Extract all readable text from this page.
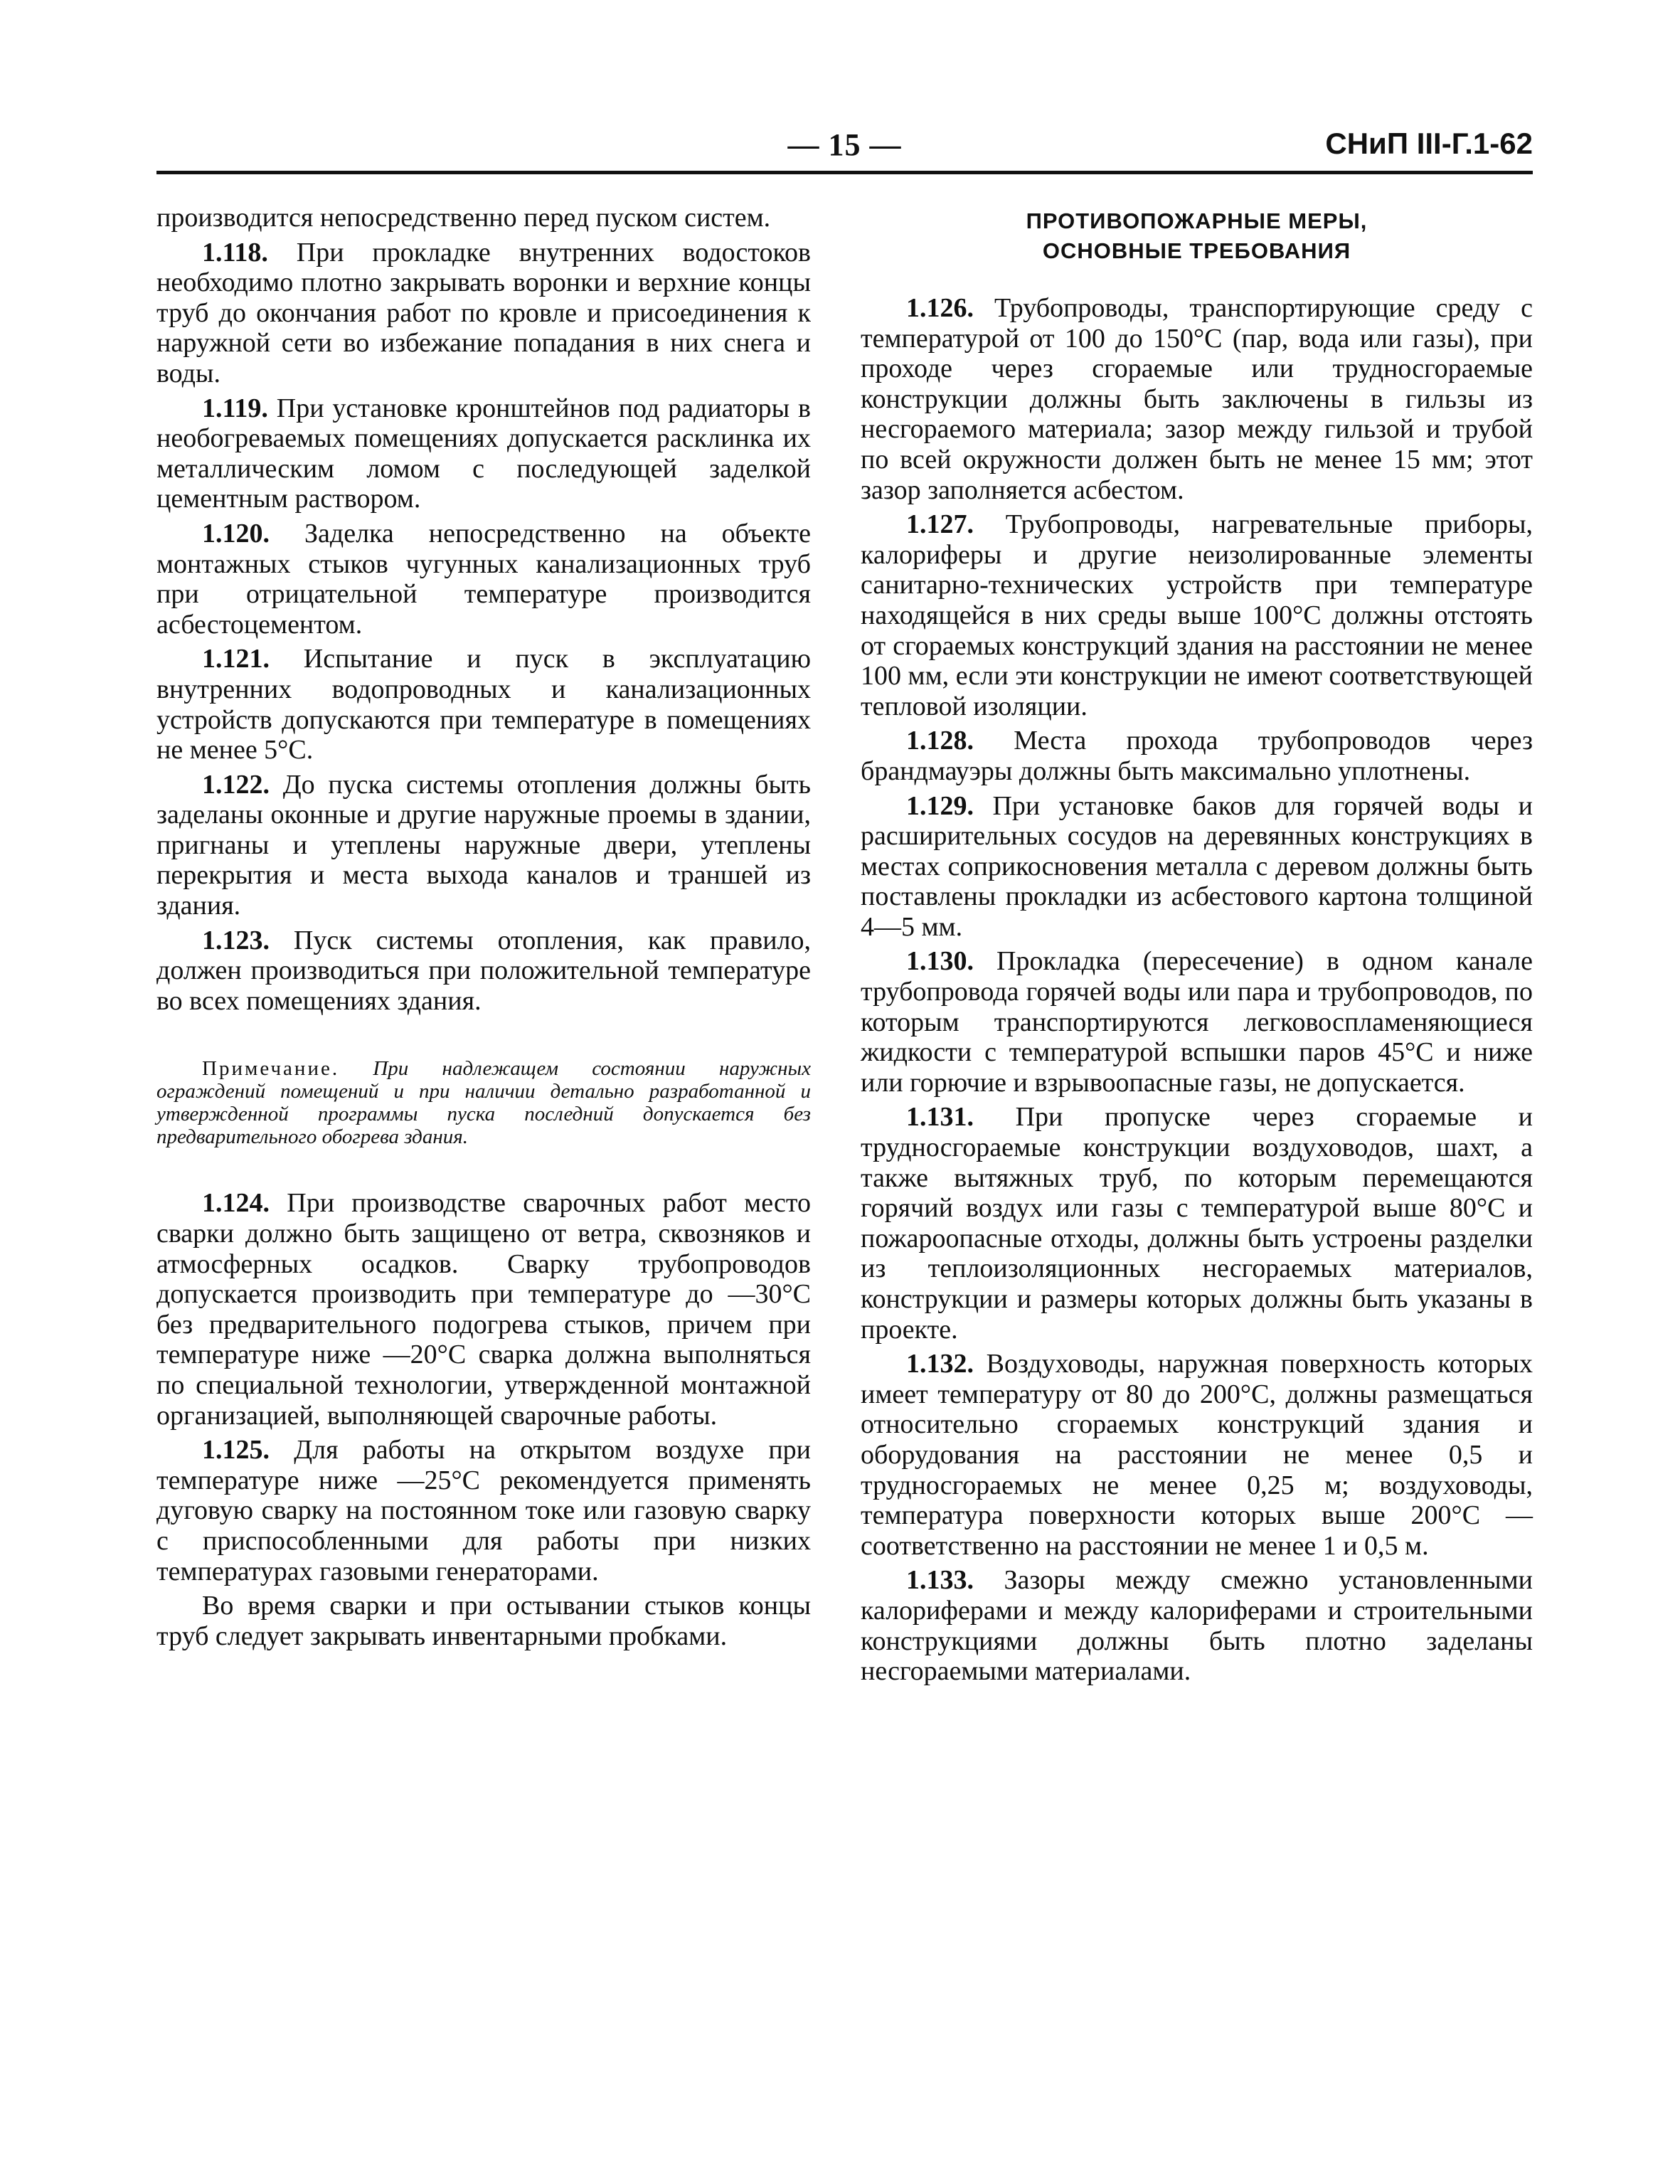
— 15 —	СНиП III-Г.1-62

производится непосредственно перед пуском систем.

1.118. При прокладке внутренних водостоков необходимо плотно закрывать воронки и верхние концы труб до окончания работ по кровле и присоединения к наружной сети во избежание попадания в них снега и воды.

1.119. При установке кронштейнов под радиаторы в необогреваемых помещениях допускается расклинка их металлическим ломом с последующей заделкой цементным раствором.

1.120. Заделка непосредственно на объекте монтажных стыков чугунных канализационных труб при отрицательной температуре производится асбестоцементом.

1.121. Испытание и пуск в эксплуатацию внутренних водопроводных и канализационных устройств допускаются при температуре в помещениях не менее 5°С.

1.122. До пуска системы отопления должны быть заделаны оконные и другие наружные проемы в здании, пригнаны и утеплены наружные двери, утеплены перекрытия и места выхода каналов и траншей из здания.

1.123. Пуск системы отопления, как правило, должен производиться при положительной температуре во всех помещениях здания.

Примечание. При надлежащем состоянии наружных ограждений помещений и при наличии детально разработанной и утвержденной программы пуска последний допускается без предварительного обогрева здания.

1.124. При производстве сварочных работ место сварки должно быть защищено от ветра, сквозняков и атмосферных осадков. Сварку трубопроводов допускается производить при температуре до —30°С без предварительного подогрева стыков, причем при температуре ниже —20°С сварка должна выполняться по специальной технологии, утвержденной монтажной организацией, выполняющей сварочные работы.

1.125. Для работы на открытом воздухе при температуре ниже —25°С рекомендуется применять дуговую сварку на постоянном токе или газовую сварку с приспособленными для работы при низких температурах газовыми генераторами.

Во время сварки и при остывании стыков концы труб следует закрывать инвентарными пробками.

ПРОТИВОПОЖАРНЫЕ МЕРЫ,
ОСНОВНЫЕ ТРЕБОВАНИЯ

1.126. Трубопроводы, транспортирующие среду с температурой от 100 до 150°С (пар, вода или газы), при проходе через сгораемые или трудносгораемые конструкции должны быть заключены в гильзы из несгораемого материала; зазор между гильзой и трубой по всей окружности должен быть не менее 15 мм; этот зазор заполняется асбестом.

1.127. Трубопроводы, нагревательные приборы, калориферы и другие неизолированные элементы санитарно-технических устройств при температуре находящейся в них среды выше 100°С должны отстоять от сгораемых конструкций здания на расстоянии не менее 100 мм, если эти конструкции не имеют соответствующей тепловой изоляции.

1.128. Места прохода трубопроводов через брандмауэры должны быть максимально уплотнены.

1.129. При установке баков для горячей воды и расширительных сосудов на деревянных конструкциях в местах соприкосновения металла с деревом должны быть поставлены прокладки из асбестового картона толщиной 4—5 мм.

1.130. Прокладка (пересечение) в одном канале трубопровода горячей воды или пара и трубопроводов, по которым транспортируются легковоспламеняющиеся жидкости с температурой вспышки паров 45°С и ниже или горючие и взрывоопасные газы, не допускается.

1.131. При пропуске через сгораемые и трудносгораемые конструкции воздуховодов, шахт, а также вытяжных труб, по которым перемещаются горячий воздух или газы с температурой выше 80°С и пожароопасные отходы, должны быть устроены разделки из теплоизоляционных несгораемых материалов, конструкции и размеры которых должны быть указаны в проекте.

1.132. Воздуховоды, наружная поверхность которых имеет температуру от 80 до 200°С, должны размещаться относительно сгораемых конструкций здания и оборудования на расстоянии не менее 0,5 и трудносгораемых не менее 0,25 м; воздуховоды, температура поверхности которых выше 200°С — соответственно на расстоянии не менее 1 и 0,5 м.

1.133. Зазоры между смежно установленными калориферами и между калориферами и строительными конструкциями должны быть плотно заделаны несгораемыми материалами.
